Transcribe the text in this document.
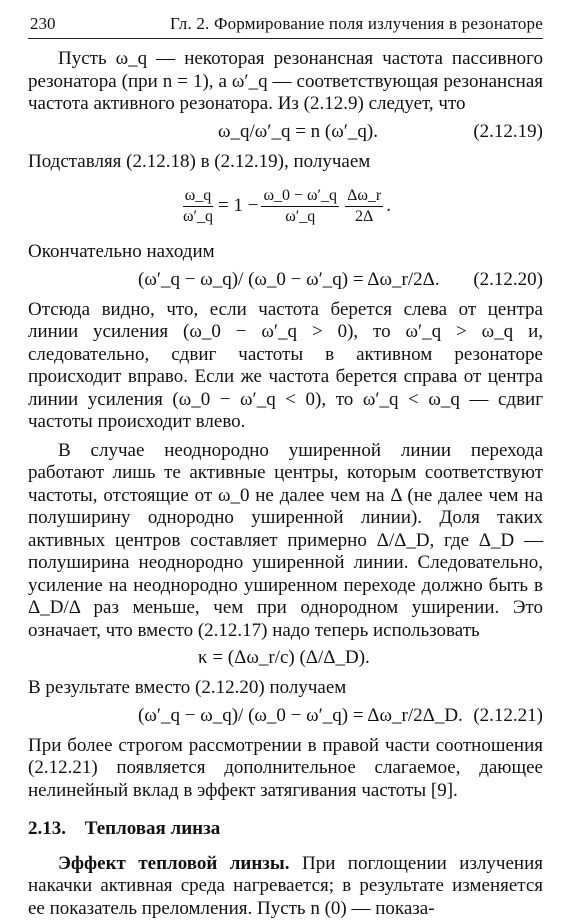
230	Гл. 2. Формирование поля излучения в резонаторе

Пусть ω_q — некоторая резонансная частота пассивного резонатора (при n = 1), а ω′_q — соответствующая резонансная частота активного резонатора. Из (2.12.9) следует, что

ω_q/ω′_q = n (ω′_q).	(2.12.19)

Подставляя (2.12.18) в (2.12.19), получаем

$\frac{\omega\_q}{\omega'\_q} = 1 - \frac{\omega\_0 - \omega'\_q}{\omega'\_q} \frac{\Delta\omega\_r}{2\Delta}$ .

Окончательно находим

(ω′_q − ω_q)/ (ω_0 − ω′_q) = Δω_r/2Δ. (2.12.20)

Отсюда видно, что, если частота берется слева от центра линии усиления (ω_0 − ω′_q > 0), то ω′_q > ω_q и, следовательно, сдвиг частоты в активном резонаторе происходит вправо. Если же частота берется справа от центра линии усиления (ω_0 − ω′_q < 0), то ω′_q < ω_q — сдвиг частоты происходит влево.

В случае неоднородно уширенной линии перехода работают лишь те активные центры, которым соответствуют частоты, отстоящие от ω_0 не далее чем на Δ (не далее чем на полуширину однородно уширенной линии). Доля таких активных центров составляет примерно Δ/Δ_D, где Δ_D — полуширина неоднородно уширенной линии. Следовательно, усиление на неоднородно уширенном переходе должно быть в Δ_D/Δ раз меньше, чем при однородном уширении. Это означает, что вместо (2.12.17) надо теперь использовать

κ = (Δω_r/c) (Δ/Δ_D).

В результате вместо (2.12.20) получаем

(ω′_q − ω_q)/ (ω_0 − ω′_q) = Δω_r/2Δ_D. (2.12.21)

При более строгом рассмотрении в правой части соотношения (2.12.21) появляется дополнительное слагаемое, дающее нелинейный вклад в эффект затягивания частоты [9].

2.13. Тепловая линза

Эффект тепловой линзы. При поглощении излучения накачки активная среда нагревается; в результате изменяется ее показатель преломления. Пусть n (0) — показа-
